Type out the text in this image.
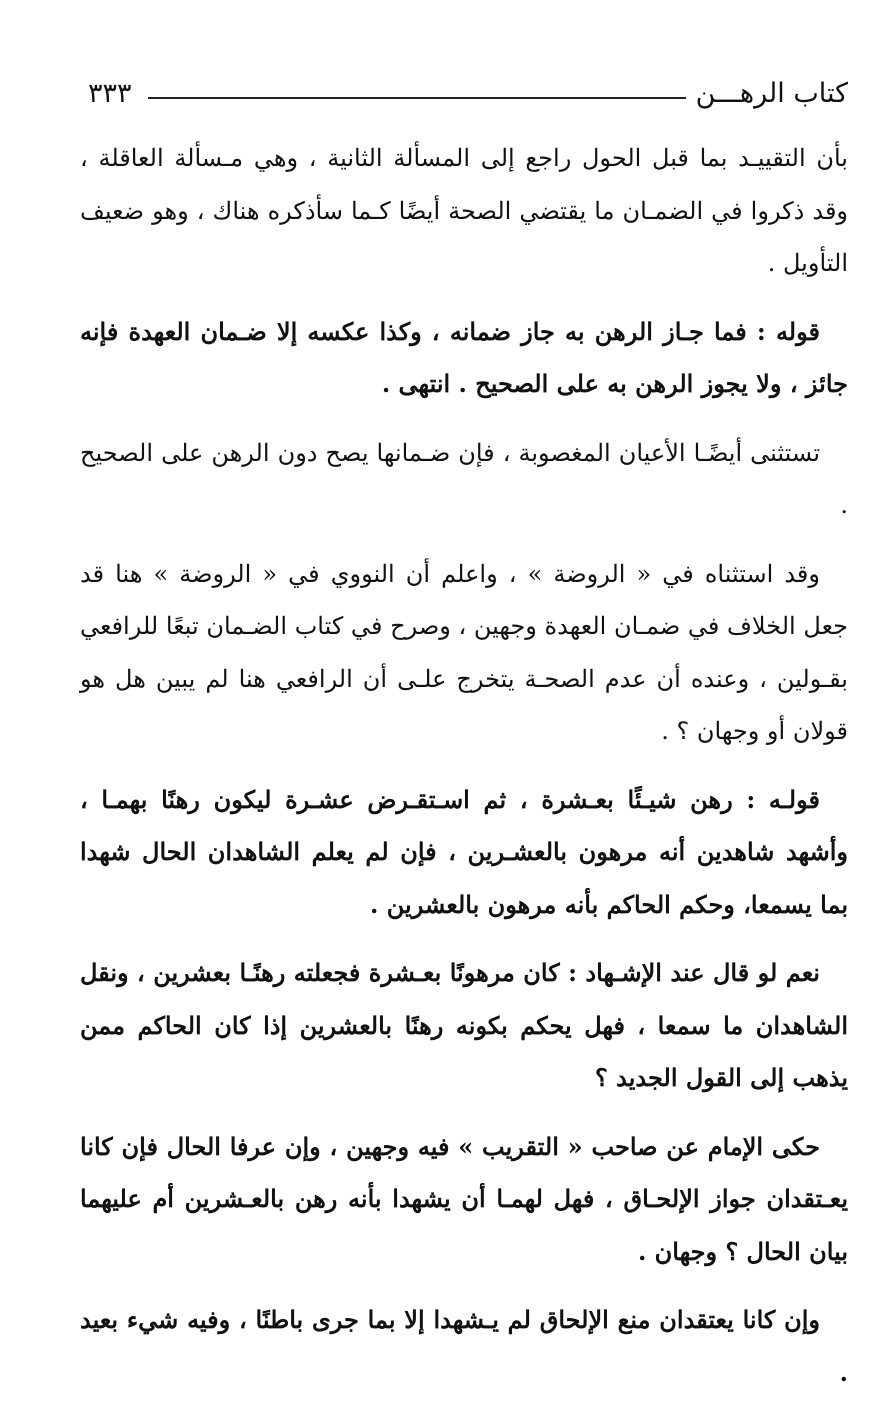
كتاب الرهـــن
٣٣٣

بأن التقييـد بما قبل الحول راجع إلى المسألة الثانية ، وهي مـسألة العاقلة ، وقد ذكروا في الضمـان ما يقتضي الصحة أيضًا كـما سأذكره هناك ، وهو ضعيف التأويل .

قوله : فما جـاز الرهن به جاز ضمانه ، وكذا عكسه إلا ضـمان العهدة فإنه جائز ، ولا يجوز الرهن به على الصحيح . انتهى .

تستثنى أيضًـا الأعيان المغصوبة ، فإن ضـمانها يصح دون الرهن على الصحيح .

وقد استثناه في « الروضة » ، واعلم أن النووي في « الروضة » هنا قد جعل الخلاف في ضمـان العهدة وجهين ، وصرح في كتاب الضـمان تبعًا للرافعي بقـولين ، وعنده أن عدم الصحـة يتخرج علـى أن الرافعي هنا لم يبين هل هو قولان أو وجهان ؟ .

قولـه : رهن شيـئًا بعـشرة ، ثم اسـتقـرض عشـرة ليكون رهنًا بهمـا ، وأشهد شاهدين أنه مرهون بالعشـرين ، فإن لم يعلم الشاهدان الحال شهدا بما يسمعا، وحكم الحاكم بأنه مرهون بالعشرين .

نعم لو قال عند الإشـهاد : كان مرهونًا بعـشرة فجعلته رهنًـا بعشرين ، ونقل الشاهدان ما سمعا ، فهل يحكم بكونه رهنًا بالعشرين إذا كان الحاكم ممن يذهب إلى القول الجديد ؟

حكى الإمام عن صاحب « التقريب » فيه وجهين ، وإن عرفا الحال فإن كانا يعـتقدان جواز الإلحـاق ، فهل لهمـا أن يشهدا بأنه رهن بالعـشرين أم عليهما بيان الحال ؟ وجهان .

وإن كانا يعتقدان منع الإلحاق لم يـشهدا إلا بما جرى باطنًا ، وفيه شيء بعيد .
